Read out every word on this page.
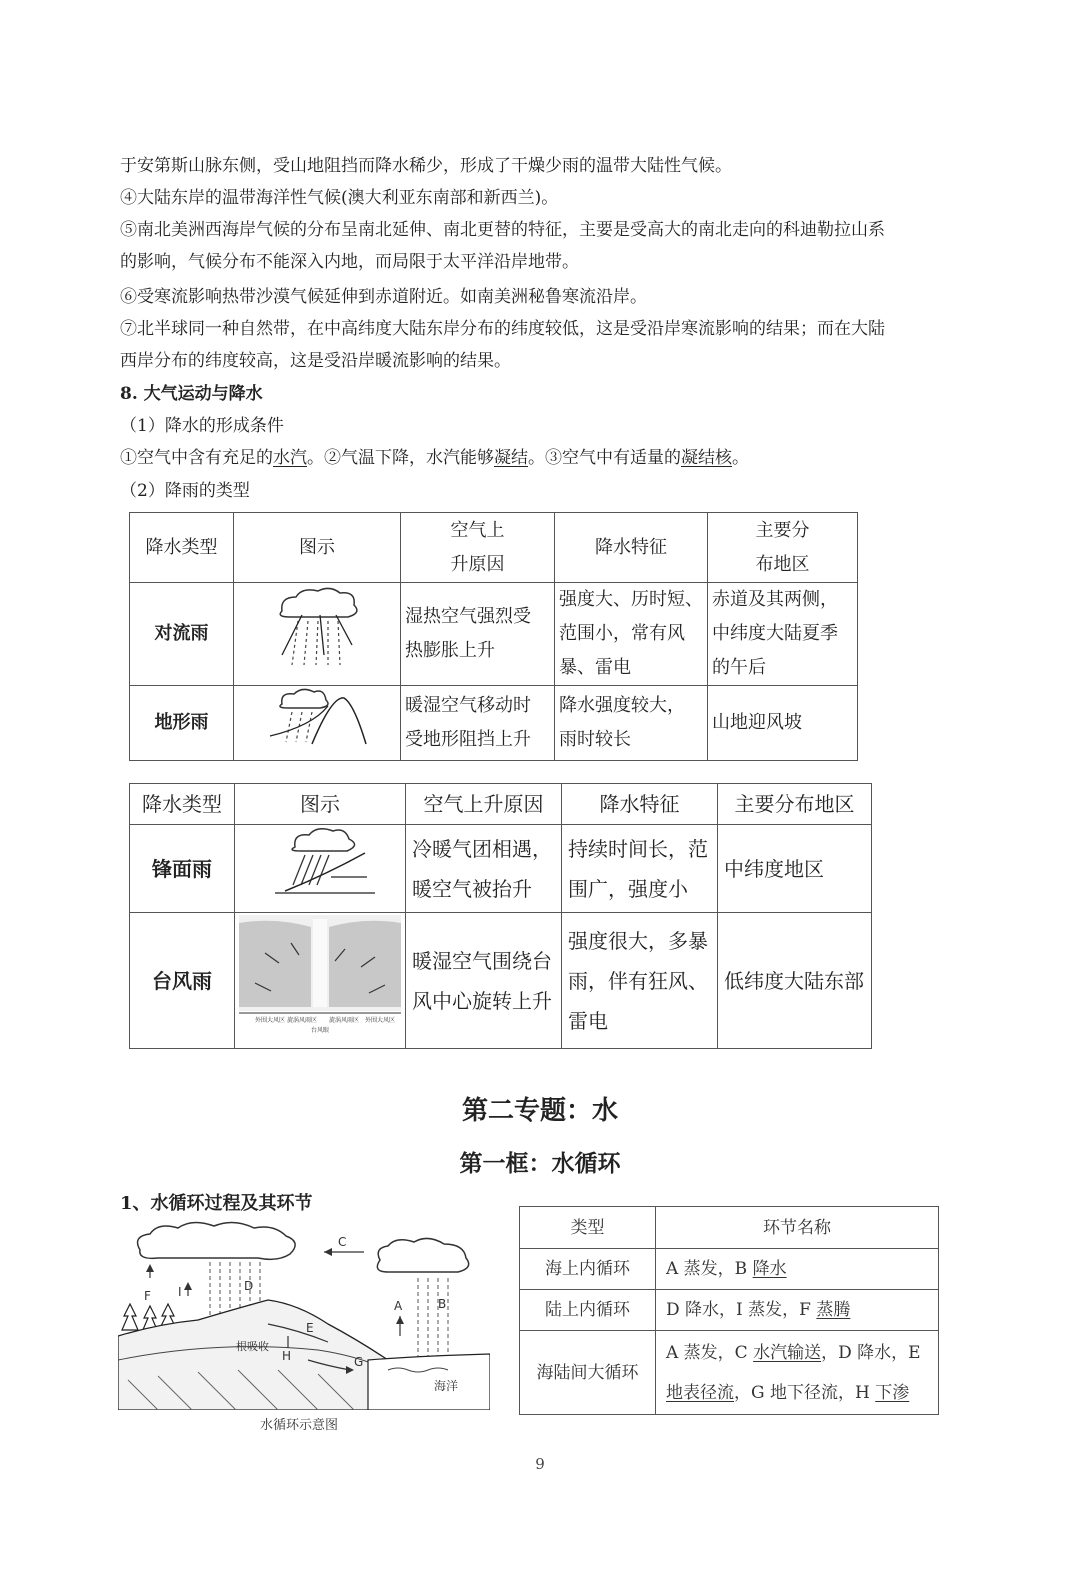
于安第斯山脉东侧，受山地阻挡而降水稀少，形成了干燥少雨的温带大陆性气候。
④大陆东岸的温带海洋性气候(澳大利亚东南部和新西兰)。
⑤南北美洲西海岸气候的分布呈南北延伸、南北更替的特征，主要是受高大的南北走向的科迪勒拉山系
的影响，气候分布不能深入内地，而局限于太平洋沿岸地带。
⑥受寒流影响热带沙漠气候延伸到赤道附近。如南美洲秘鲁寒流沿岸。
⑦北半球同一种自然带，在中高纬度大陆东岸分布的纬度较低，这是受沿岸寒流影响的结果；而在大陆
西岸分布的纬度较高，这是受沿岸暖流影响的结果。
8. 大气运动与降水
（1）降水的形成条件
①空气中含有充足的水汽。②气温下降，水汽能够凝结。③空气中有适量的凝结核。
（2）降雨的类型
降水类型	图示	空气上
升原因	降水特征	主要分
布地区
对流雨		湿热空气强烈受
热膨胀上升	强度大、历时短、
范围小，常有风
暴、雷电	赤道及其两侧，
中纬度大陆夏季
的午后
地形雨		暖湿空气移动时
受地形阻挡上升	降水强度较大，
雨时较长	山地迎风坡
降水类型	图示	空气上升原因	降水特征	主要分布地区
锋面雨		冷暖气团相遇，
暖空气被抬升	持续时间长，范
围广，强度小	中纬度地区
台风雨	外围大风区 旋涡风雨区 旋涡风雨区 外围大风区
台风眼	暖湿空气围绕台
风中心旋转上升	强度很大，多暴
雨，伴有狂风、
雷电	低纬度大陆东部
第二专题：水
第一框：水循环
1、水循环过程及其环节
C
D
B
A
F I
海洋
E
H	G
根吸收
水循环示意图
类型	环节名称
海上内循环	A 蒸发，B 降水
陆上内循环	D 降水，I 蒸发，F 蒸腾
海陆间大循环	A 蒸发，C 水汽输送，D 降水，E
地表径流，G 地下径流，H 下渗
9
